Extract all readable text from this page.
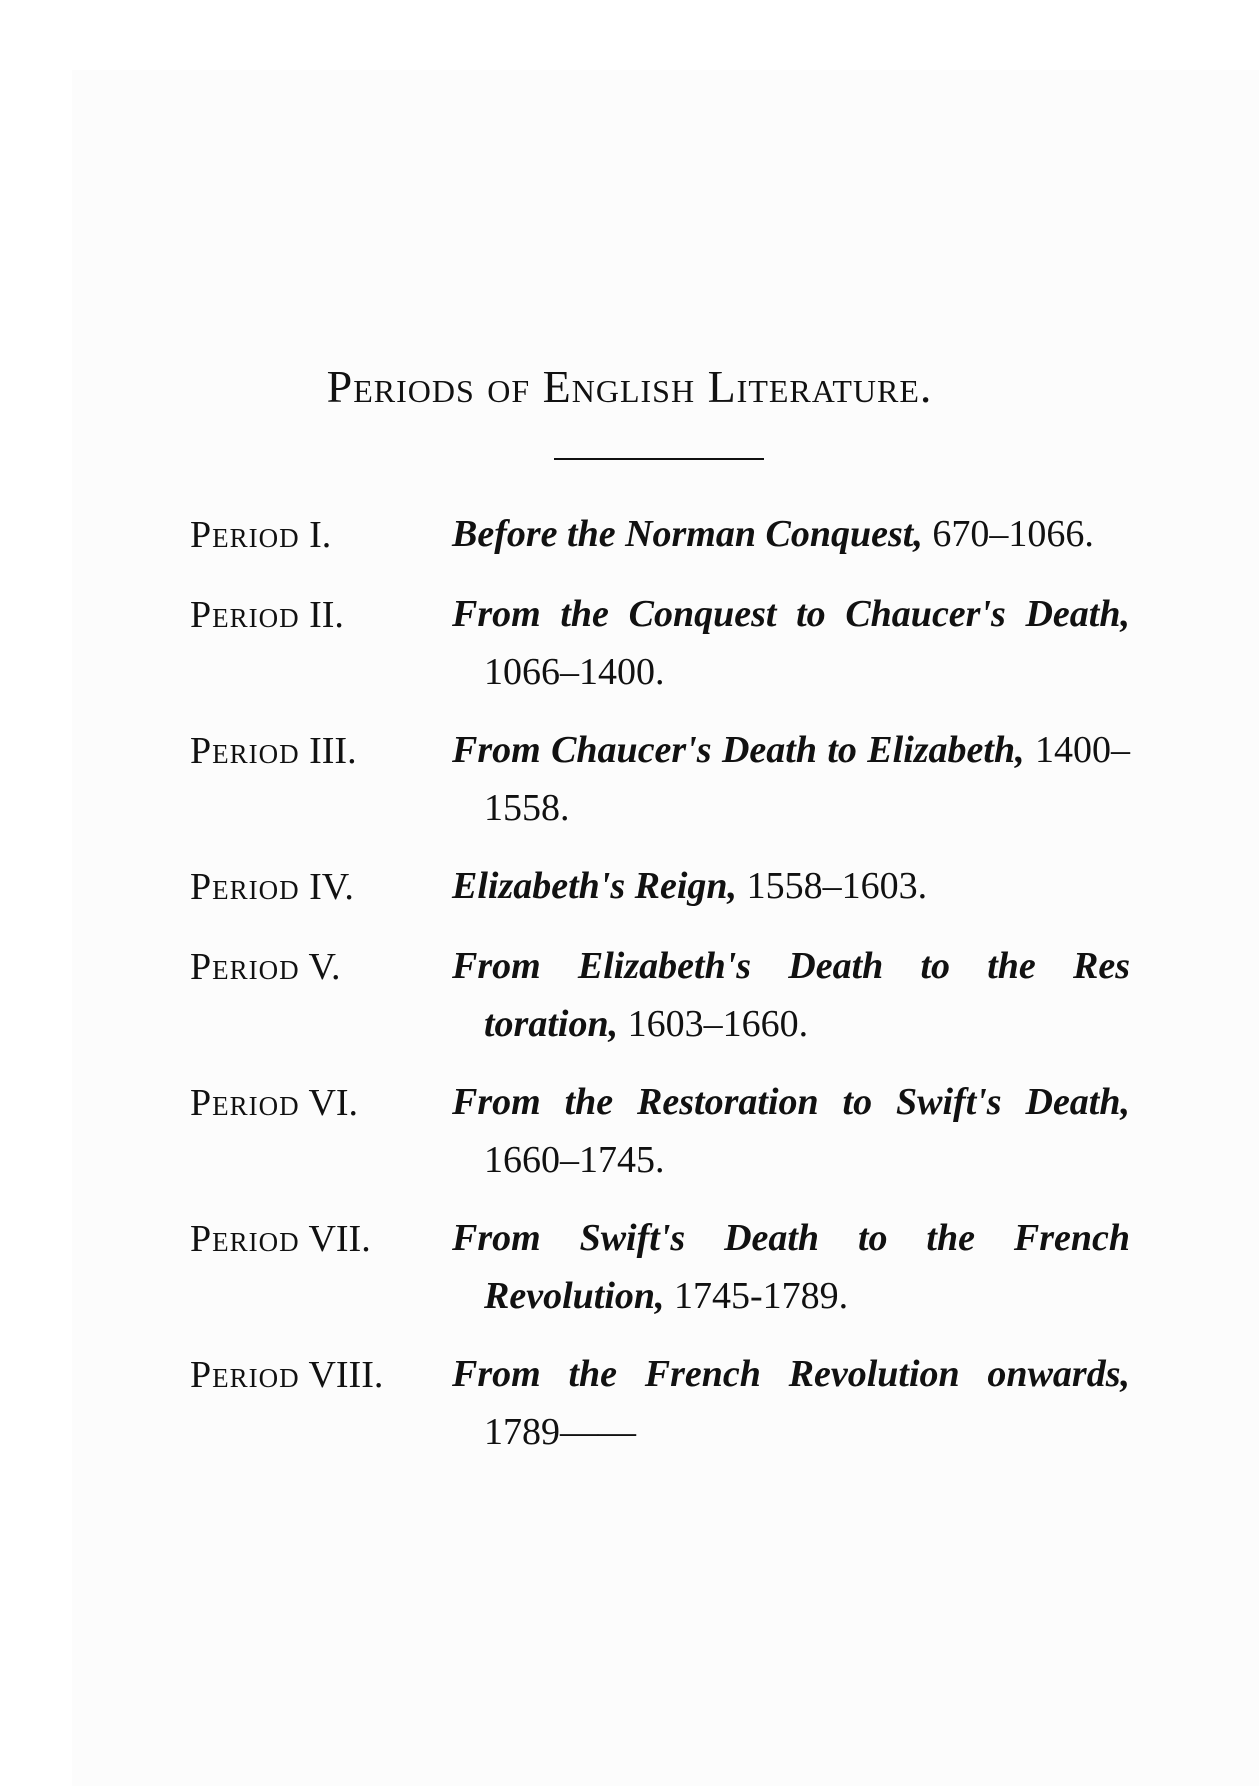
Periods of English Literature.
Period I.	Before the Norman Conquest, 670–1066.
Period II.	From the Conquest to Chaucer's Death, 1066–1400.
Period III.	From Chaucer's Death to Elizabeth, 1400–1558.
Period IV.	Elizabeth's Reign, 1558–1603.
Period V.	From Elizabeth's Death to the Res toration, 1603–1660.
Period VI.	From the Restoration to Swift's Death, 1660–1745.
Period VII.	From Swift's Death to the French Revolution, 1745-1789.
Period VIII.	From the French Revolution onwards, 1789——
